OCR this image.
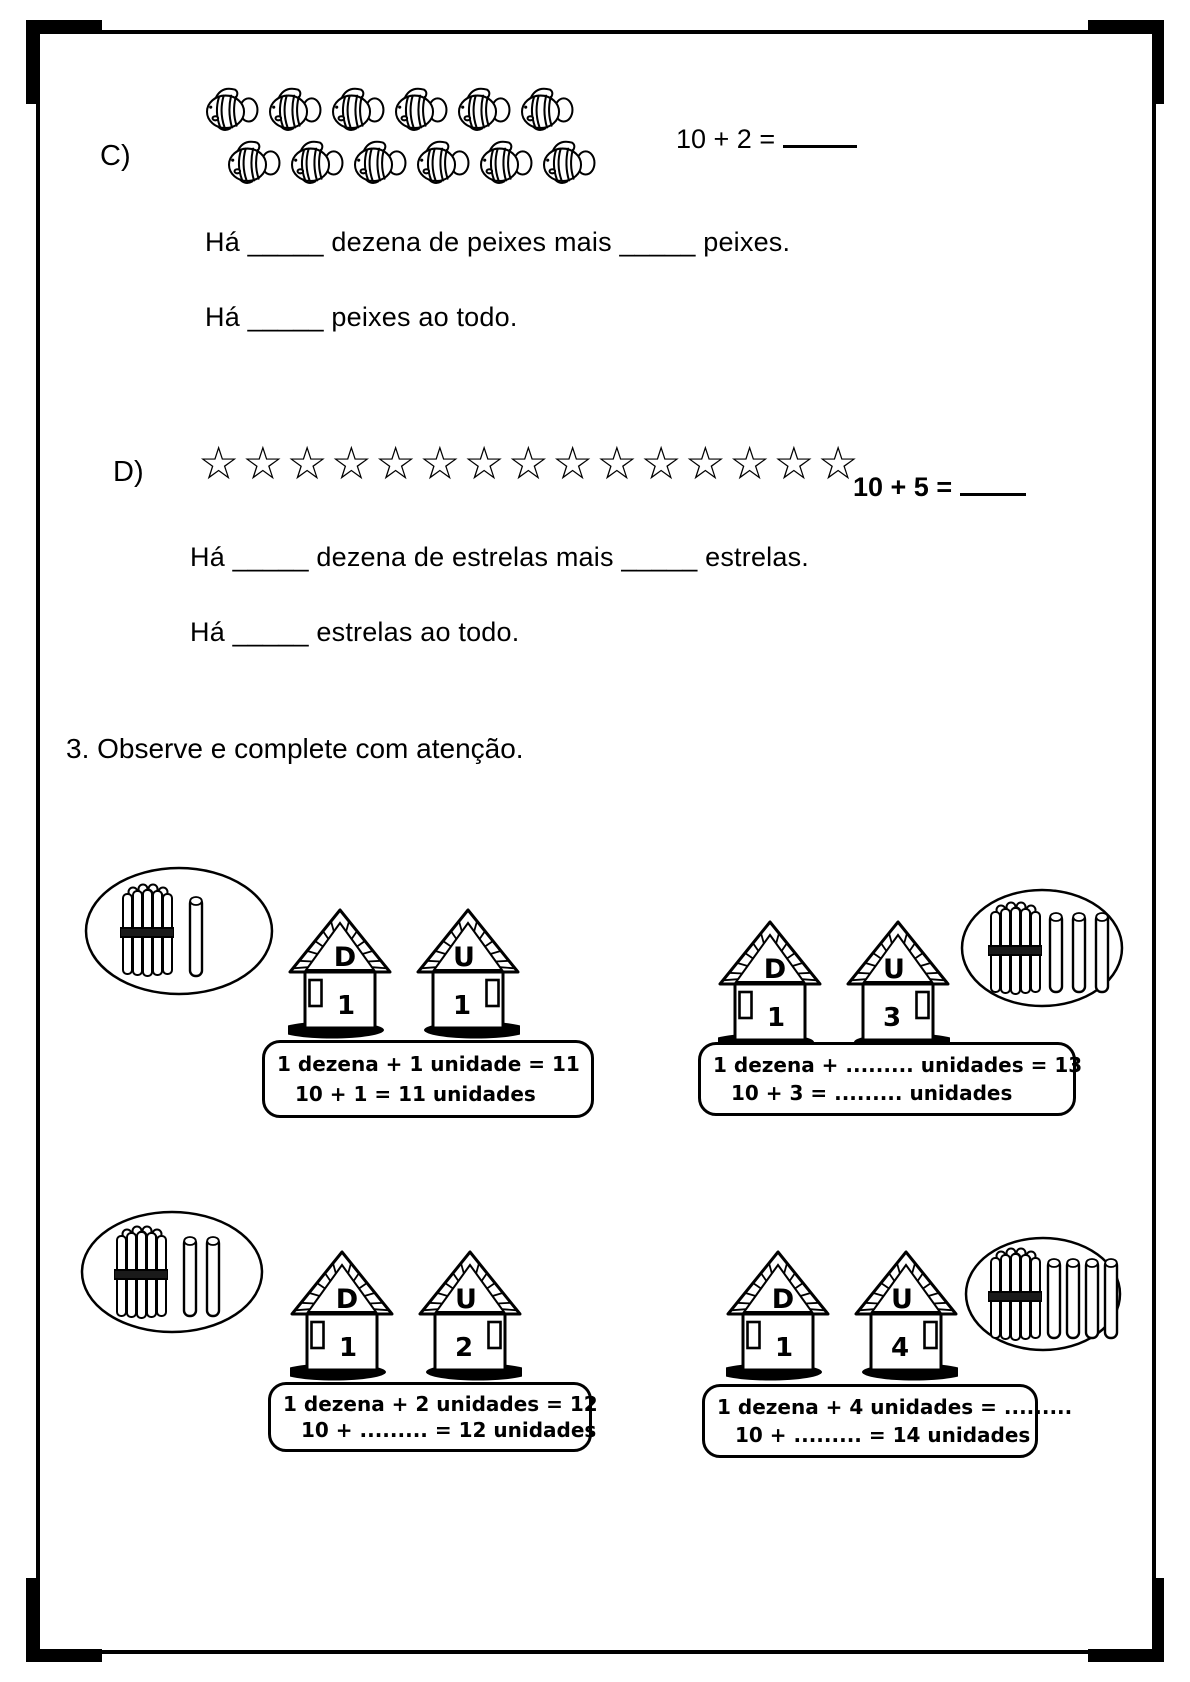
C)
10 + 2 =
Há _____ dezena de peixes mais _____ peixes.
Há _____ peixes ao todo.
D) ☆☆☆☆☆☆☆☆☆☆☆☆☆☆☆
10 + 5 =
Há _____ dezena de estrelas mais _____ estrelas.
Há _____ estrelas ao todo.
3. Observe e complete com atenção.
D
1
U
1
1 dezena + 1 unidade = 11
10 + 1 = 11 unidades
D
1
U
3
1 dezena + ......... unidades = 13
10 + 3 = ......... unidades
D
1
U
2
1 dezena + 2 unidades = 12
10 + ......... = 12 unidades
D
1
U
4
1 dezena + 4 unidades = .........
10 + ......... = 14 unidades
